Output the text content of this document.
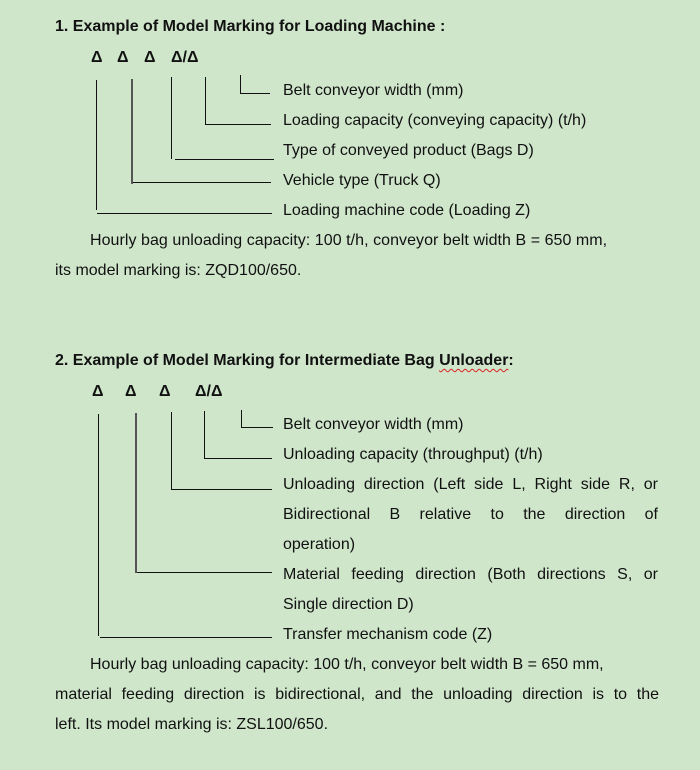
1. Example of Model Marking for Loading Machine :
Δ Δ Δ Δ/Δ
Belt conveyor width (mm)
Loading capacity (conveying capacity) (t/h)
Type of conveyed product (Bags D)
Vehicle type (Truck Q)
Loading machine code (Loading Z)
Hourly bag unloading capacity: 100 t/h, conveyor belt width B = 650 mm,
its model marking is: ZQD100/650.
2. Example of Model Marking for Intermediate Bag Unloader:
Δ Δ Δ Δ/Δ
Belt conveyor width (mm)
Unloading capacity (throughput) (t/h)
Unloading direction (Left side L, Right side R, or
Bidirectional B relative to the direction of
operation)
Material feeding direction (Both directions S, or
Single direction D)
Transfer mechanism code (Z)
Hourly bag unloading capacity: 100 t/h, conveyor belt width B = 650 mm,
material feeding direction is bidirectional, and the unloading direction is to the
left. Its model marking is: ZSL100/650.
